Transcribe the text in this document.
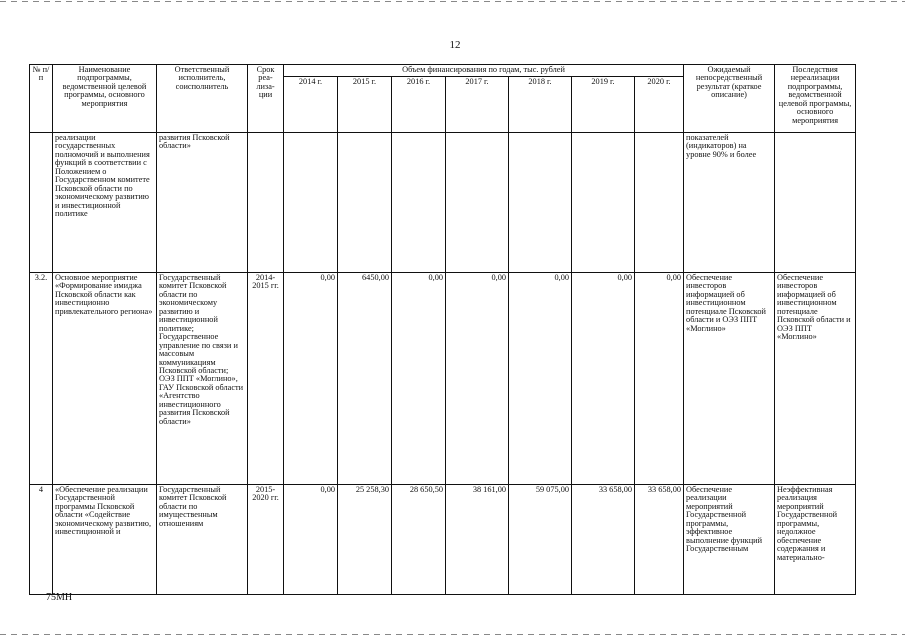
12
№ п/п	Наименование подпрограммы, ведомственной целевой программы, основного мероприятия	Ответственный исполнитель, соисполнитель	Срок реа-лиза-ции	Объем финансирования по годам, тыс. рублей							Ожидаемый непосредственный результат (краткое описание)	Последствия нереализации подпрограммы, ведомственной целевой программы, основного мероприятия
				2014 г.	2015 г.	2016 г.	2017 г.	2018 г.	2019 г.	2020 г.		
	реализации государственных полномочий и выполнения функций в соответствии с Положением о Государственном комитете Псковской области по экономическому развитию и инвестиционной политике	развития Псковской области»									показателей (индикаторов) на уровне 90% и более	
3.2.	Основное мероприятие «Формирование имиджа Псковской области как инвестиционно привлекательного региона»	Государственный комитет Псковской области по экономическому развитию и инвестиционной политике; Государственное управление по связи и массовым коммуникациям Псковской области; ОЭЗ ППТ «Моглино», ГАУ Псковской области «Агентство инвестиционного развития Псковской области»	2014-2015 гг.	0,00	6450,00	0,00	0,00	0,00	0,00	0,00	Обеспечение инвесторов информацией об инвестиционном потенциале Псковской области и ОЭЗ ППТ «Моглино»	Обеспечение инвесторов информацией об инвестиционном потенциале Псковской области и ОЭЗ ППТ «Моглино»
4	«Обеспечение реализации Государственной программы Псковской области «Содействие экономическому развитию, инвестиционной и	Государственный комитет Псковской области по имущественным отношениям	2015-2020 гг.	0,00	25 258,30	28 650,50	38 161,00	59 075,00	33 658,00	33 658,00	Обеспечение реализации мероприятий Государственной программы, эффективное выполнение функций Государственным	Неэффективная реализация мероприятий Государственной программы, недолжное обеспечение содержания и материально-
75MH
